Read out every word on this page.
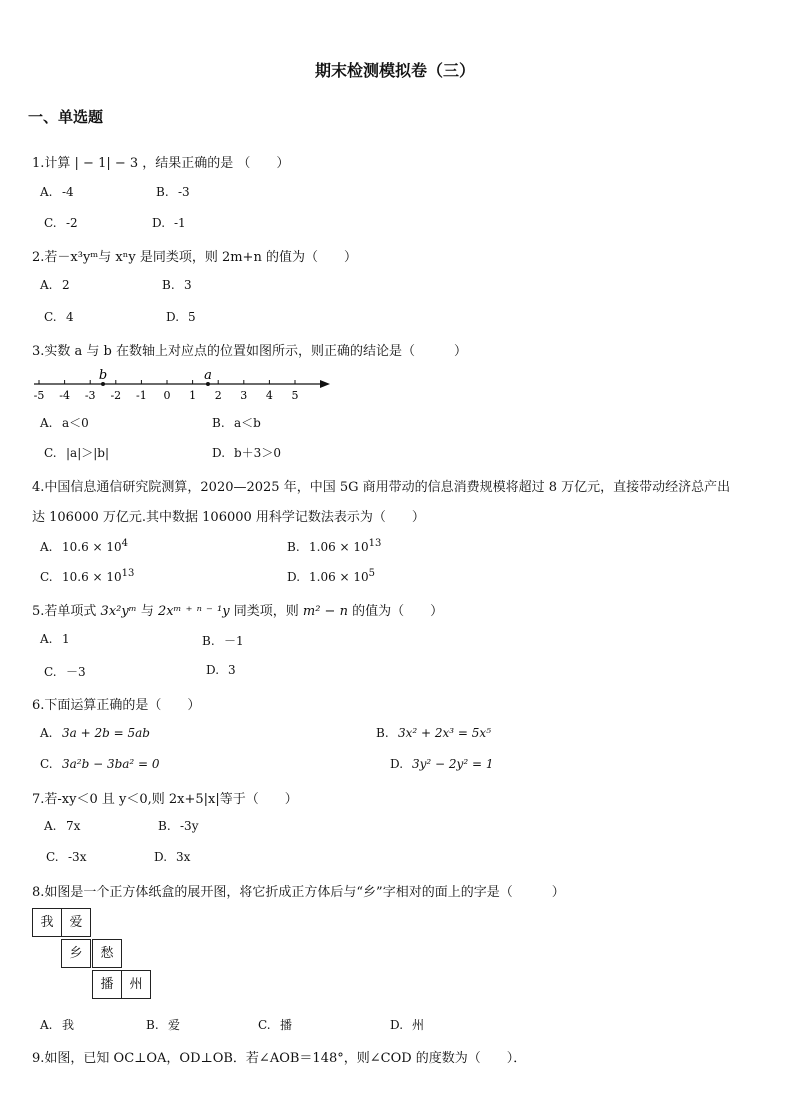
期末检测模拟卷（三）
一、单选题
1.计算 | − 1| − 3 ，结果正确的是 （　　）
A. -4	B. -3
C. -2	D. -1
2.若－x³yᵐ与 xⁿy 是同类项，则 2m+n 的值为（　　）
A. 2	B. 3
C. 4	D. 5
3.实数 a 与 b 在数轴上对应点的位置如图所示，则正确的结论是（　　　）
-5 -4 -3 -2 -1 0 1 2 3 4 5
b	a
A. a＜0	B. a＜b
C. |a|＞|b|	D. b＋3＞0
4.中国信息通信研究院测算，2020—2025 年，中国 5G 商用带动的信息消费规模将超过 8 万亿元，直接带动经济总产出
达 106000 万亿元.其中数据 106000 用科学记数法表示为（　　）
A. $10.6 \times 10^4$	B. $1.06 \times 10^{13}$
C. $10.6 \times 10^{13}$	D. $1.06 \times 10^5$
5.若单项式 3x²yᵐ 与 2xᵐ ⁺ ⁿ ⁻ ¹y 同类项，则 m² − n 的值为（　　）
A. 1	B. －1
C. －3	D. 3
6.下面运算正确的是（　　）
A. 3a + 2b = 5ab	B. 3x² + 2x³ = 5x⁵
C. 3a²b − 3ba² = 0	D. 3y² − 2y² = 1
7.若-xy＜0 且 y＜0,则 2x+5|x|等于（　　）
A. 7x	B. -3y
C. -3x	D. 3x
8.如图是一个正方体纸盒的展开图，将它折成正方体后与“乡”字相对的面上的字是（　　　）
我	爱
乡	愁
播	州
A. 我	B. 爱	C. 播	D. 州
9.如图，已知 OC⊥OA，OD⊥OB．若∠AOB＝148°，则∠COD 的度数为（　　）．
